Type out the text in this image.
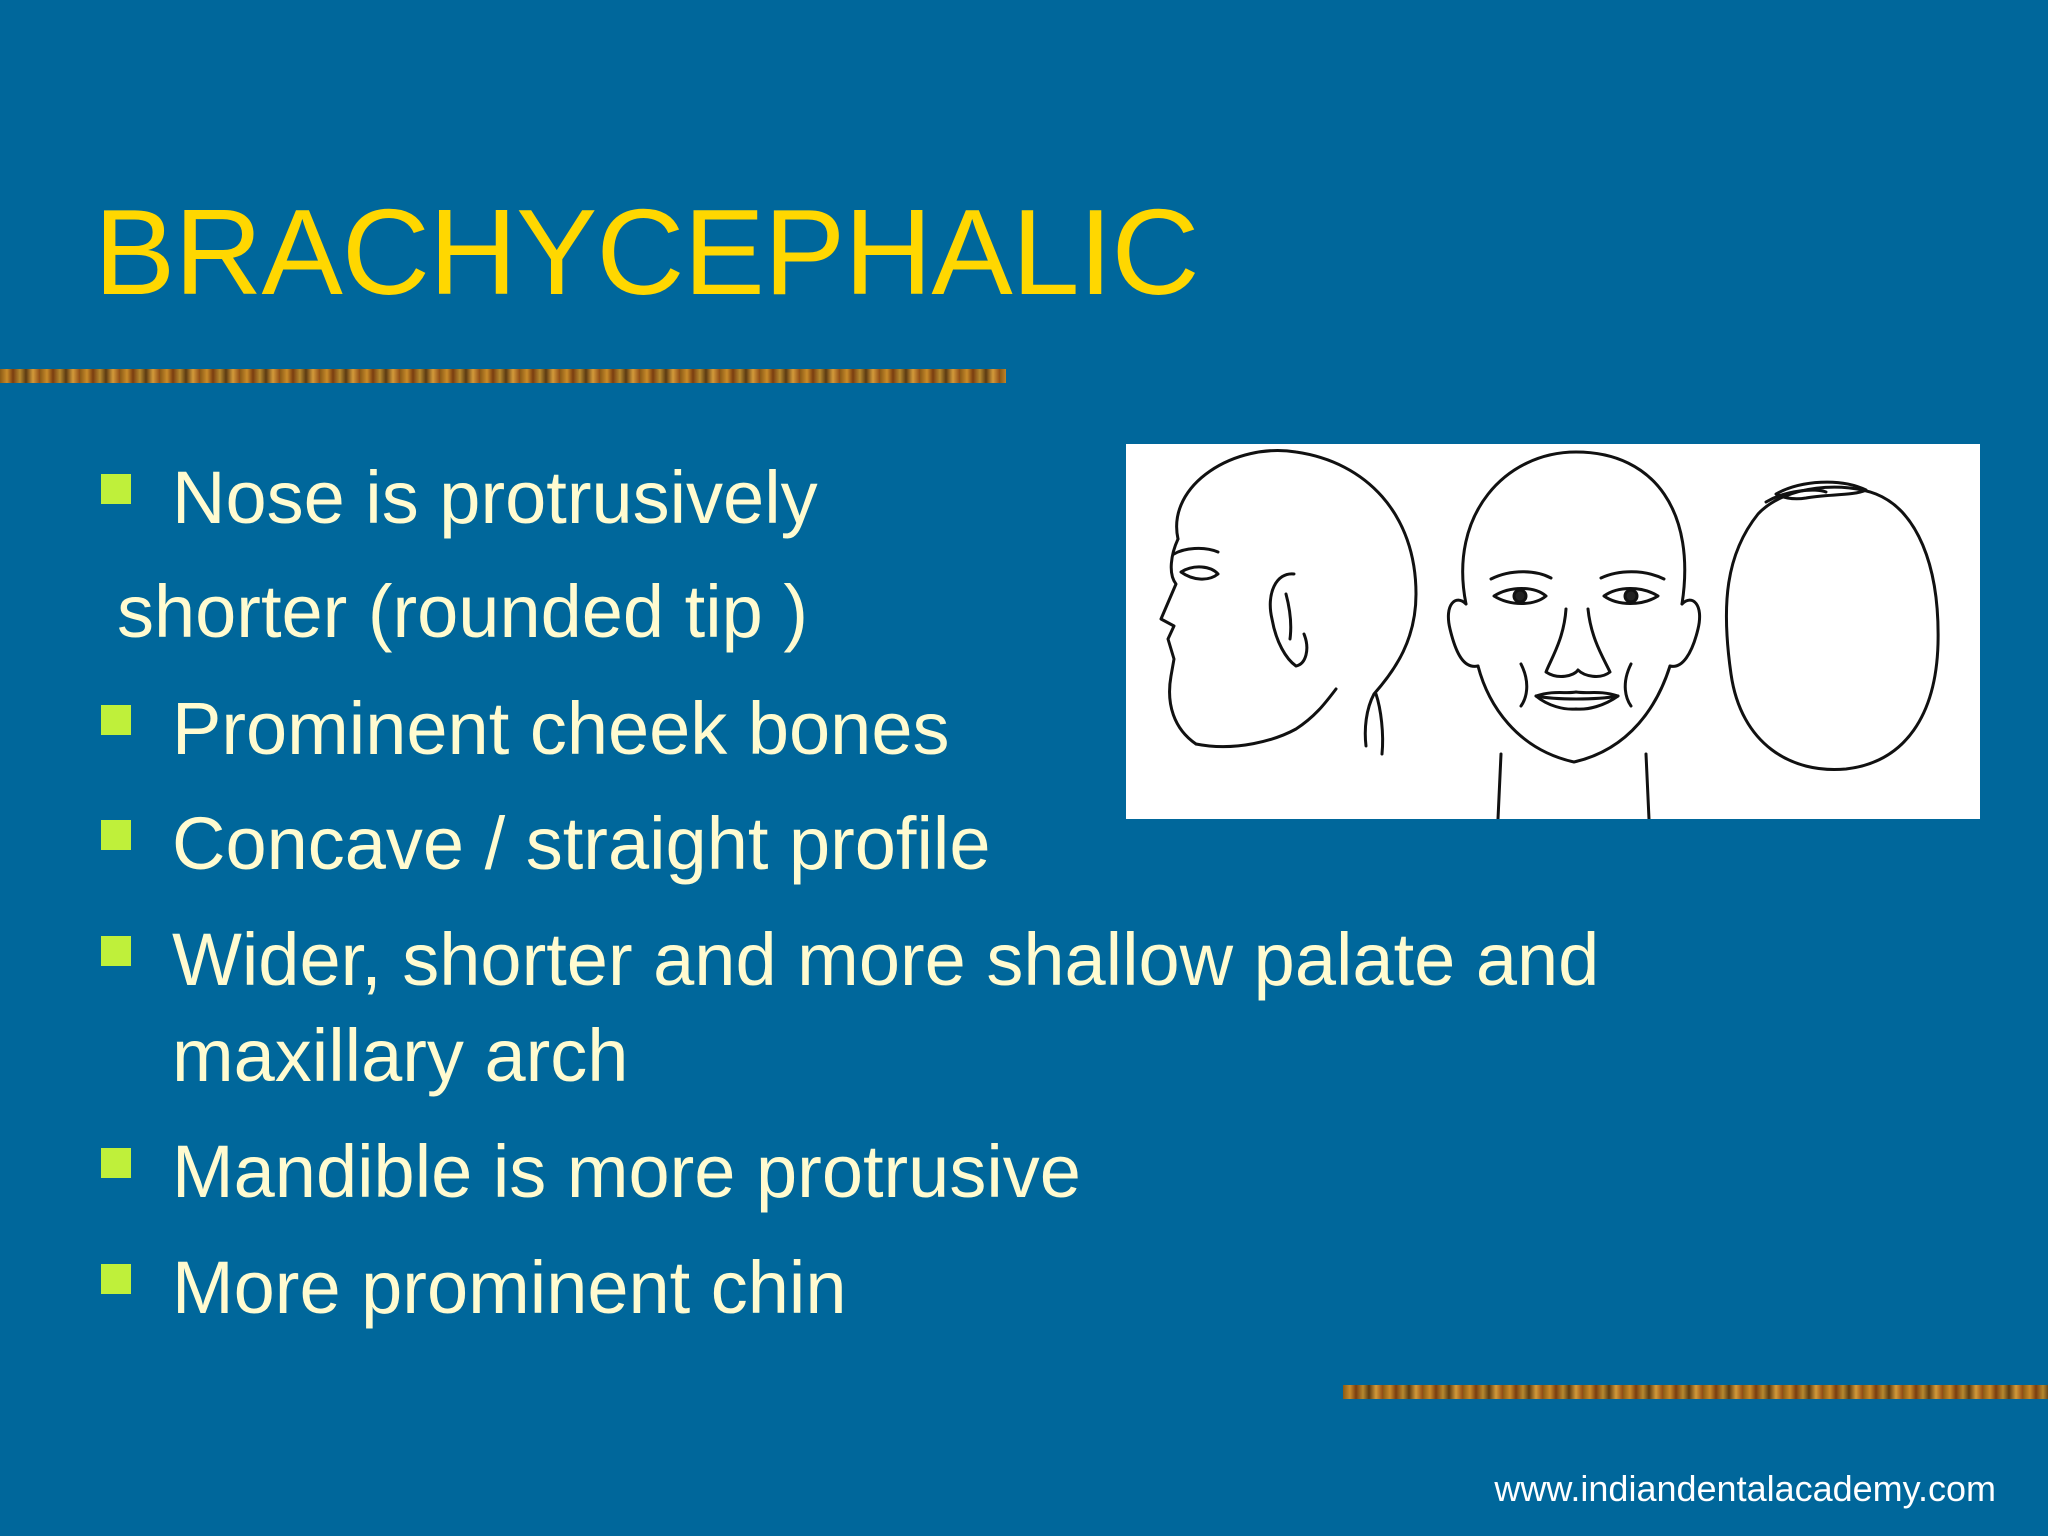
BRACHYCEPHALIC
Nose is protrusively
shorter (rounded tip )
Prominent cheek bones
Concave / straight profile
Wider, shorter and more shallow palate and
maxillary arch
Mandible is more protrusive
More prominent chin
www.indiandentalacademy.com
